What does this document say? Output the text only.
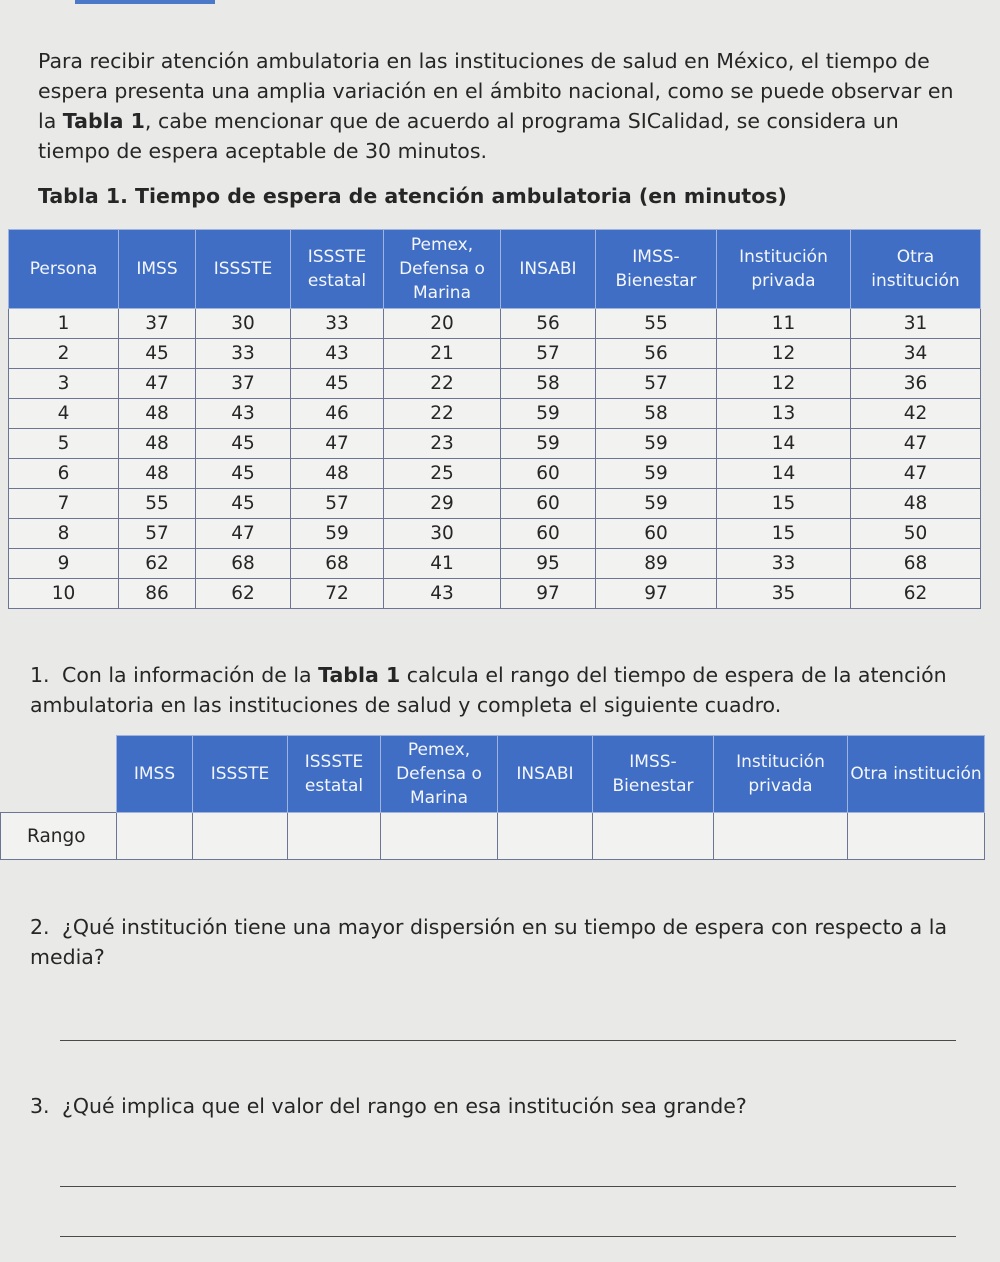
Para recibir atención ambulatoria en las instituciones de salud en México, el tiempo de espera presenta una amplia variación en el ámbito nacional, como se puede observar en la Tabla 1, cabe mencionar que de acuerdo al programa SICalidad, se considera un tiempo de espera aceptable de 30 minutos.

Tabla 1. Tiempo de espera de atención ambulatoria (en minutos)

Persona	IMSS	ISSSTE	ISSSTE estatal	Pemex, Defensa o Marina	INSABI	IMSS-Bienestar	Institución privada	Otra institución
1	37	30	33	20	56	55	11	31
2	45	33	43	21	57	56	12	34
3	47	37	45	22	58	57	12	36
4	48	43	46	22	59	58	13	42
5	48	45	47	23	59	59	14	47
6	48	45	48	25	60	59	14	47
7	55	45	57	29	60	59	15	48
8	57	47	59	30	60	60	15	50
9	62	68	68	41	95	89	33	68
10	86	62	72	43	97	97	35	62

1. Con la información de la Tabla 1 calcula el rango del tiempo de espera de la atención ambulatoria en las instituciones de salud y completa el siguiente cuadro.

	IMSS	ISSSTE	ISSSTE estatal	Pemex, Defensa o Marina	INSABI	IMSS-Bienestar	Institución privada	Otra institución
Rango								

2. ¿Qué institución tiene una mayor dispersión en su tiempo de espera con respecto a la media?

3. ¿Qué implica que el valor del rango en esa institución sea grande?
